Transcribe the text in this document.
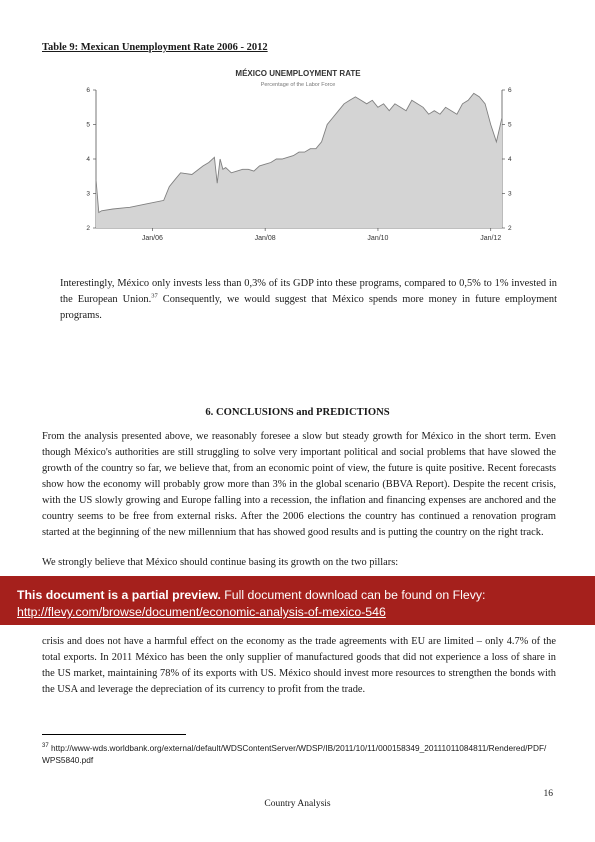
Table 9: Mexican Unemployment Rate 2006 - 2012
MÉXICO UNEMPLOYMENT RATE
Percentage of the Labor Force
2	2
3	3
4	4
5	5
6	6
Jan/06	Jan/08	Jan/10	Jan/12

Interestingly, México only invests less than 0,3% of its GDP into these programs, compared to 0,5% to 1% invested in the European Union.$^{37}$ Consequently, we would suggest that México spends more money in future employment programs.

6. CONCLUSIONS and PREDICTIONS

From the analysis presented above, we reasonably foresee a slow but steady growth for México in the short term. Even though México's authorities are still struggling to solve very important political and social problems that have slowed the growth of the country so far, we believe that, from an economic point of view, the future is quite positive. Recent forecasts show how the economy will probably grow more than 3% in the global scenario (BBVA Report). Despite the recent crisis, with the US slowly growing and Europe falling into a recession, the inflation and financing expenses are anchored and the country seems to be free from external risks. After the 2006 elections the country has continued a renovation program started at the beginning of the new millennium that has showed good results and is putting the country on the right track.

We strongly believe that México should continue basing its growth on the two pillars:

crisis and does not have a harmful effect on the economy as the trade agreements with EU are limited – only 4.7% of the total exports. In 2011 México has been the only supplier of manufactured goods that did not experience a loss of share in the US market, maintaining 78% of its exports with US. México should invest more resources to strengthen the bonds with the USA and leverage the depreciation of its currency to profit from the trade.

This document is a partial preview. Full document download can be found on Flevy:
http://flevy.com/browse/document/economic-analysis-of-mexico-546
$^{37}$ http://www-wds.worldbank.org/external/default/WDSContentServer/WDSP/IB/2011/10/11/000158349_20111011084811/Rendered/PDF/WPS5840.pdf
16
Country Analysis
